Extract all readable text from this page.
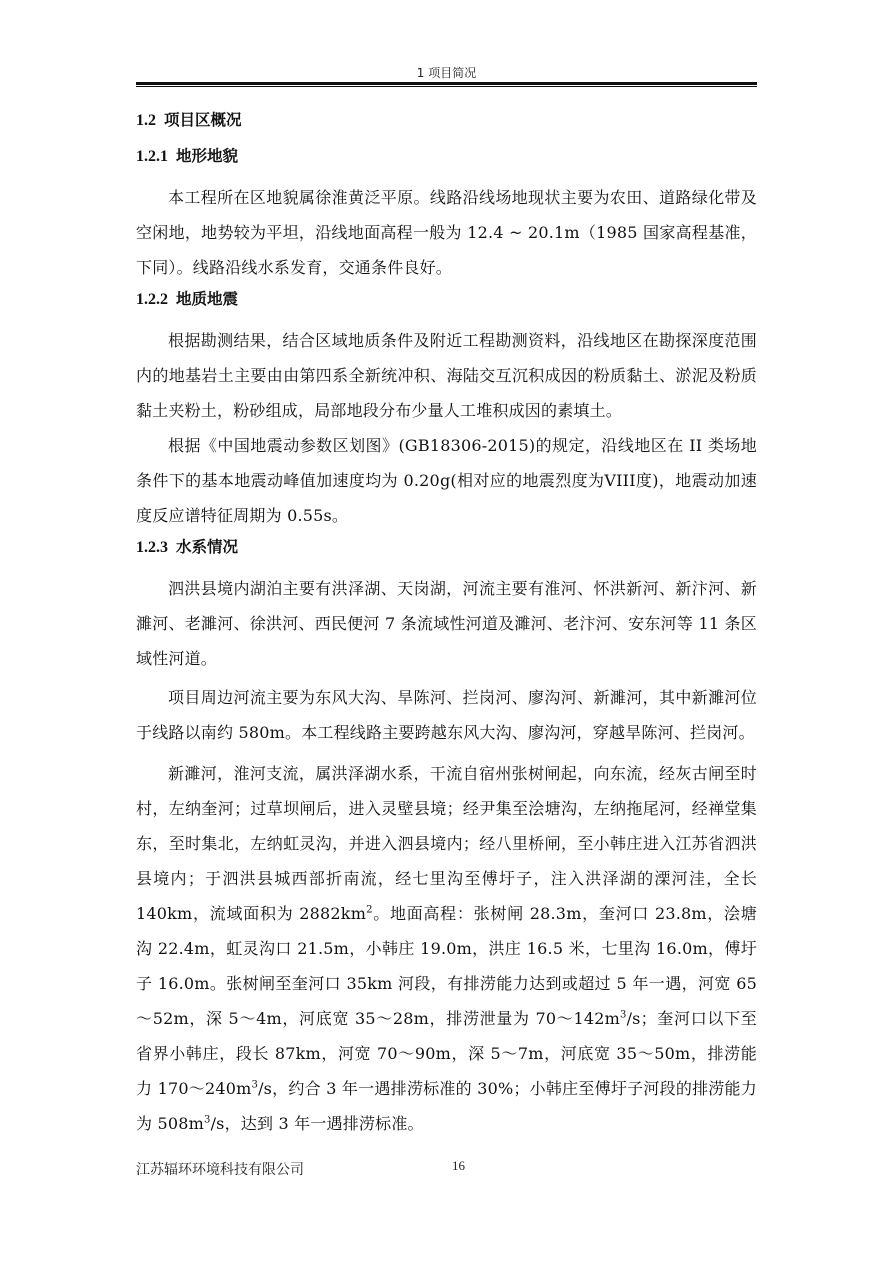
1 项目简况
1.2 项目区概况
1.2.1 地形地貌

本工程所在区地貌属徐淮黄泛平原。线路沿线场地现状主要为农田、道路绿化带及空闲地，地势较为平坦，沿线地面高程一般为 12.4 ~ 20.1m（1985 国家高程基准，下同）。线路沿线水系发育，交通条件良好。

1.2.2 地质地震

根据勘测结果，结合区域地质条件及附近工程勘测资料，沿线地区在勘探深度范围内的地基岩土主要由由第四系全新统冲积、海陆交互沉积成因的粉质黏土、淤泥及粉质黏土夹粉土，粉砂组成，局部地段分布少量人工堆积成因的素填土。

根据《中国地震动参数区划图》(GB18306-2015)的规定，沿线地区在 II 类场地条件下的基本地震动峰值加速度均为 0.20g(相对应的地震烈度为VIII度)，地震动加速度反应谱特征周期为 0.55s。

1.2.3 水系情况

泗洪县境内湖泊主要有洪泽湖、天岗湖，河流主要有淮河、怀洪新河、新汴河、新濉河、老濉河、徐洪河、西民便河 7 条流域性河道及濉河、老汴河、安东河等 11 条区域性河道。

项目周边河流主要为东风大沟、旱陈河、拦岗河、廖沟河、新濉河，其中新濉河位于线路以南约 580m。本工程线路主要跨越东风大沟、廖沟河，穿越旱陈河、拦岗河。

新濉河，淮河支流，属洪泽湖水系，干流自宿州张树闸起，向东流，经灰古闸至时村，左纳奎河；过草坝闸后，进入灵壁县境；经尹集至浍塘沟，左纳拖尾河，经禅堂集东，至时集北，左纳虹灵沟，并进入泗县境内；经八里桥闸，至小韩庄进入江苏省泗洪县境内；于泗洪县城西部折南流，经七里沟至傅圩子，注入洪泽湖的溧河洼，全长 140km，流域面积为 $2882km^2$。地面高程：张树闸 28.3m，奎河口 23.8m，浍塘沟 22.4m，虹灵沟口 21.5m，小韩庄 19.0m，洪庄 16.5 米，七里沟 16.0m，傅圩子 16.0m。张树闸至奎河口 35km 河段，有排涝能力达到或超过 5 年一遇，河宽 65～52m，深 5～4m，河底宽 35～28m，排涝泄量为 $70\sim 142m^3/s$；奎河口以下至省界小韩庄，段长 87km，河宽 70～90m，深 5～7m，河底宽 35～50m，排涝能力 $170\sim 240m^3/s$，约合 3 年一遇排涝标准的 30%；小韩庄至傅圩子河段的排涝能力为 $508m^3/s$，达到 3 年一遇排涝标准。

江苏辐环环境科技有限公司	16
